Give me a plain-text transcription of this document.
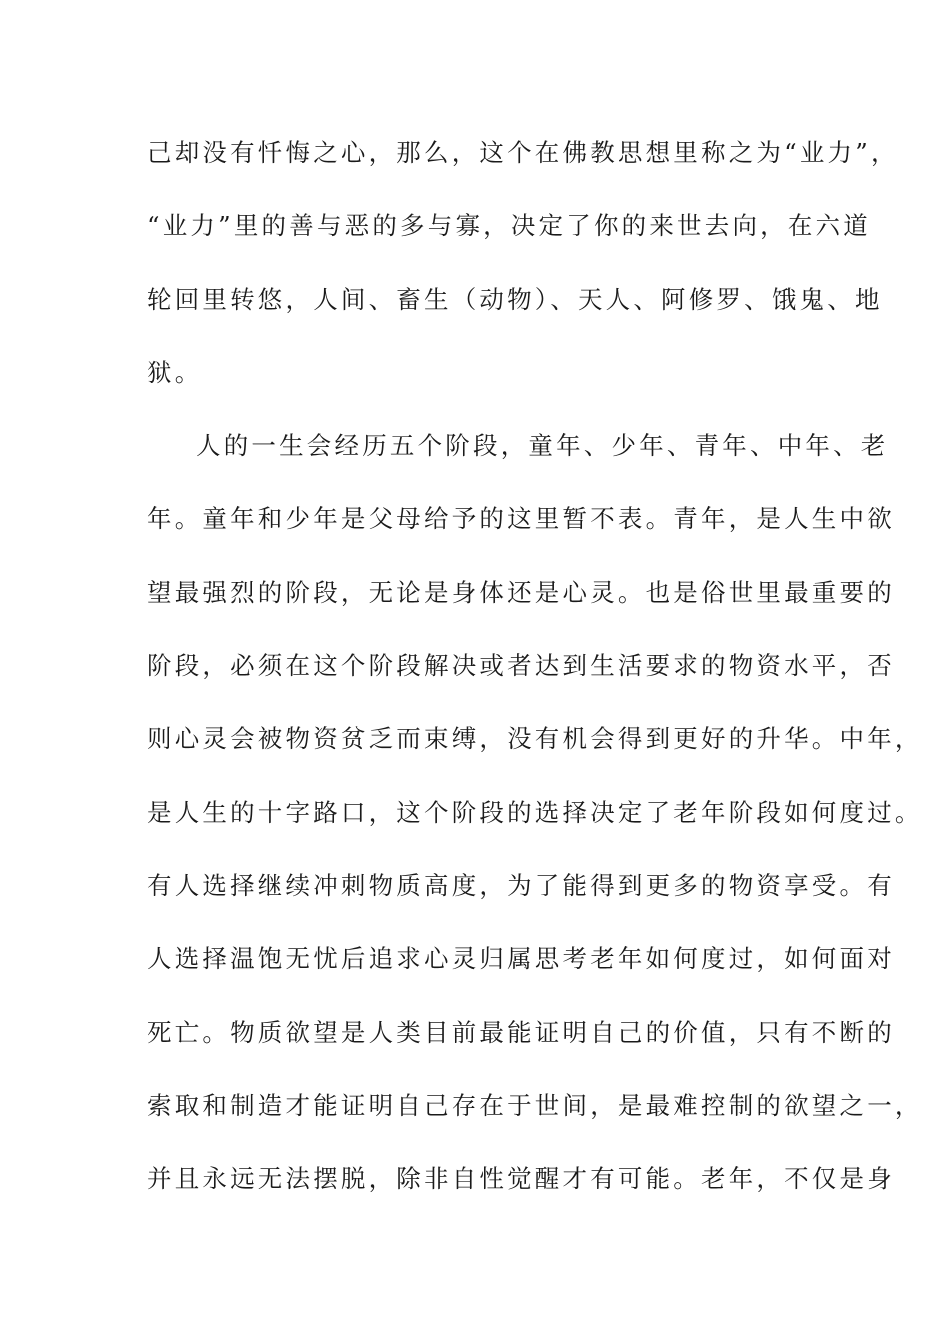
己却没有忏悔之心，那么，这个在佛教思想里称之为“业力”，
“业力”里的善与恶的多与寡，决定了你的来世去向，在六道
轮回里转悠，人间、畜生（动物）、天人、阿修罗、饿鬼、地
狱。
人的一生会经历五个阶段，童年、少年、青年、中年、老
年。童年和少年是父母给予的这里暂不表。青年，是人生中欲
望最强烈的阶段，无论是身体还是心灵。也是俗世里最重要的
阶段，必须在这个阶段解决或者达到生活要求的物资水平，否
则心灵会被物资贫乏而束缚，没有机会得到更好的升华。中年，
是人生的十字路口，这个阶段的选择决定了老年阶段如何度过。
有人选择继续冲刺物质高度，为了能得到更多的物资享受。有
人选择温饱无忧后追求心灵归属思考老年如何度过，如何面对
死亡。物质欲望是人类目前最能证明自己的价值，只有不断的
索取和制造才能证明自己存在于世间，是最难控制的欲望之一，
并且永远无法摆脱，除非自性觉醒才有可能。老年，不仅是身
